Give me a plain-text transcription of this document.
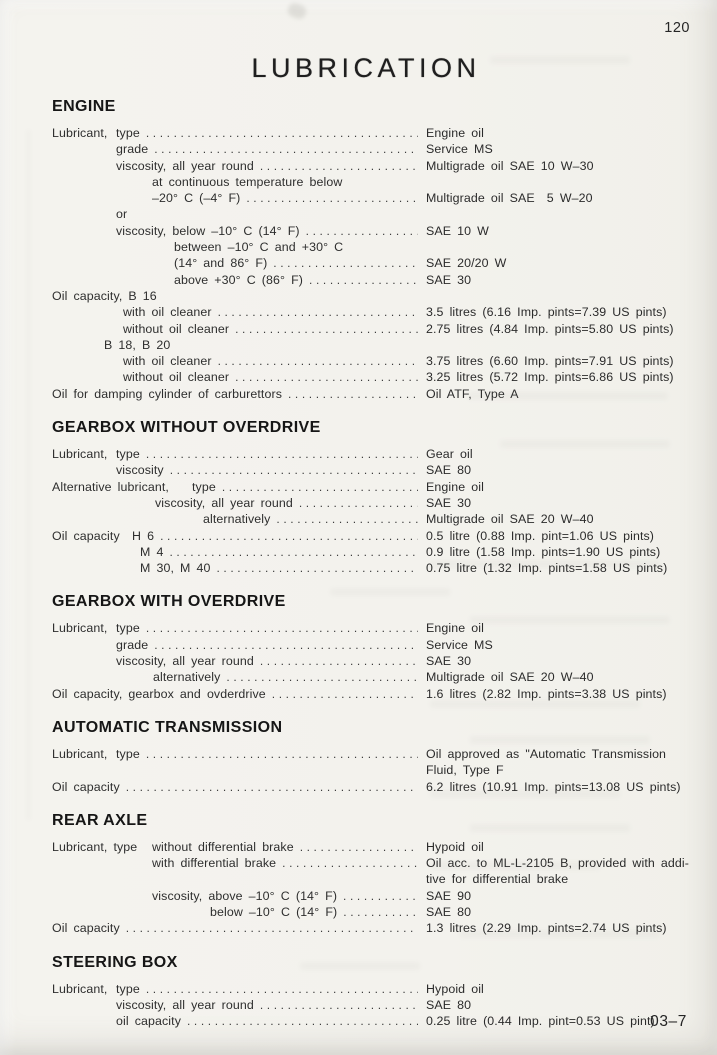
120
LUBRICATION
ENGINE
Lubricant, type .....	Engine oil
grade .....	Service MS
viscosity, all year round .....	Multigrade oil SAE 10 W–30
at continuous temperature below
–20° C (–4° F) .....	Multigrade oil SAE  5 W–20
or
viscosity, below –10° C (14° F) .....	SAE 10 W
between –10° C and +30° C
(14° and 86° F) .....	SAE 20/20 W
above +30° C (86° F) .....	SAE 30
Oil capacity, B 16
with oil cleaner .....	3.5 litres (6.16 Imp. pints=7.39 US pints)
without oil cleaner .....	2.75 litres (4.84 Imp. pints=5.80 US pints)
B 18, B 20
with oil cleaner .....	3.75 litres (6.60 Imp. pints=7.91 US pints)
without oil cleaner .....	3.25 litres (5.72 Imp. pints=6.86 US pints)
Oil for damping cylinder of carburettors .....	Oil ATF, Type A
GEARBOX WITHOUT OVERDRIVE
Lubricant, type .....	Gear oil
viscosity .....	SAE 80
Alternative lubricant, type .....	Engine oil
viscosity, all year round .....	SAE 30
alternatively .....	Multigrade oil SAE 20 W–40
Oil capacity H 6 .....	0.5 litre (0.88 Imp. pint=1.06 US pints)
M 4 .....	0.9 litre (1.58 Imp. pints=1.90 US pints)
M 30, M 40 .....	0.75 litre (1.32 Imp. pints=1.58 US pints)
GEARBOX WITH OVERDRIVE
Lubricant, type .....	Engine oil
grade .....	Service MS
viscosity, all year round .....	SAE 30
alternatively .....	Multigrade oil SAE 20 W–40
Oil capacity, gearbox and ovderdrive .....	1.6 litres (2.82 Imp. pints=3.38 US pints)
AUTOMATIC TRANSMISSION
Lubricant, type .....	Oil approved as "Automatic Transmission
Fluid, Type F
Oil capacity .....	6.2 litres (10.91 Imp. pints=13.08 US pints)
REAR AXLE
Lubricant, type without differential brake .....	Hypoid oil
with differential brake .....	Oil acc. to ML-L-2105 B, provided with addi-
tive for differential brake
viscosity, above –10° C (14° F) .....	SAE 90
below –10° C (14° F) .....	SAE 80
Oil capacity .....	1.3 litres (2.29 Imp. pints=2.74 US pints)
STEERING BOX
Lubricant, type .....	Hypoid oil
viscosity, all year round .....	SAE 80
oil capacity .....	0.25 litre (0.44 Imp. pint=0.53 US pint)
03–7
